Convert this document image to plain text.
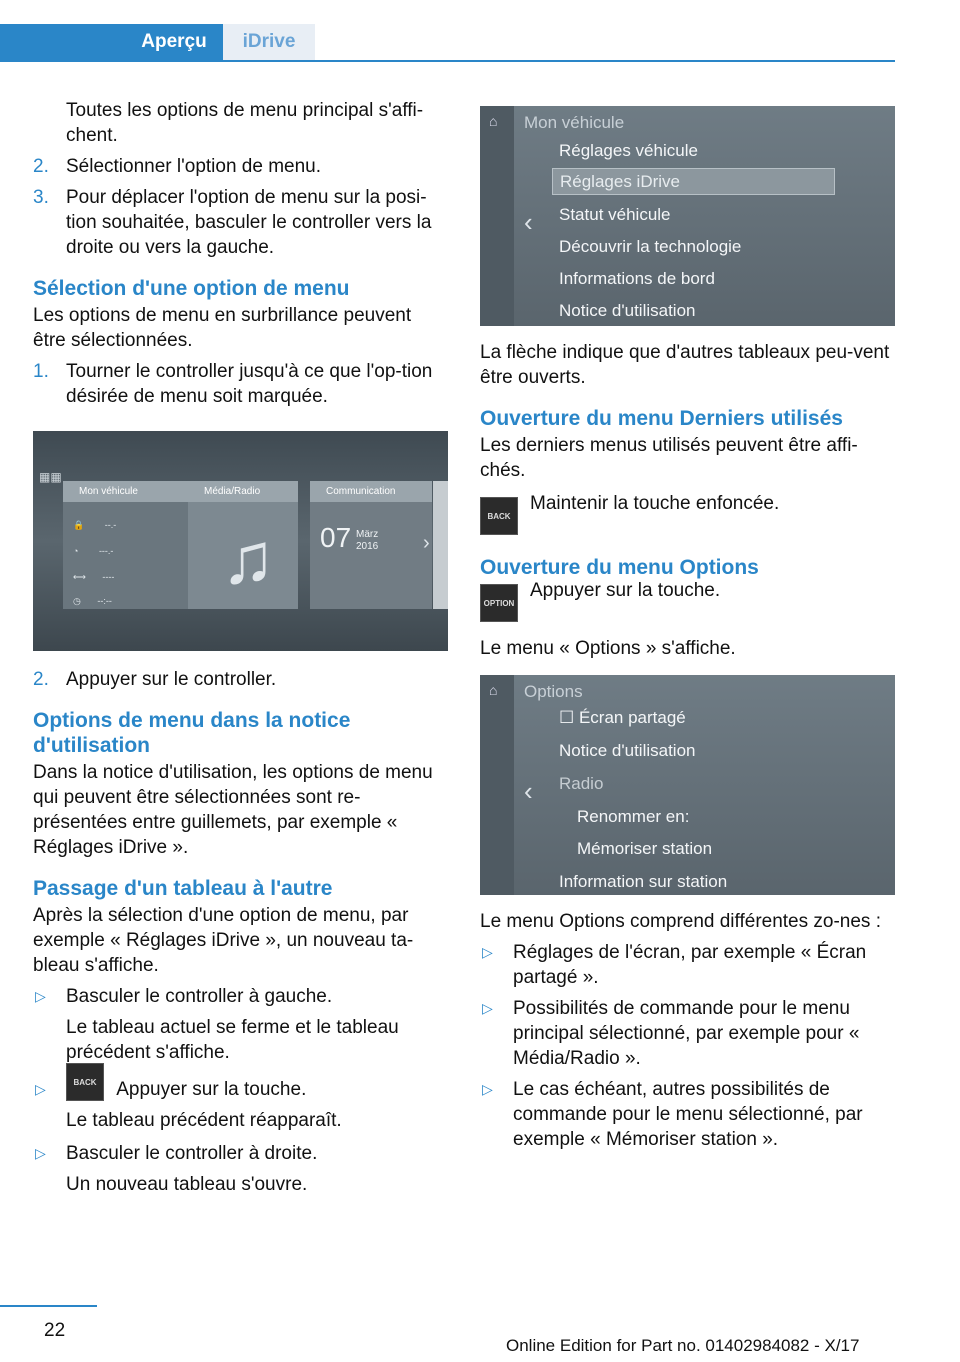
Aperçu	iDrive

Toutes les options de menu principal s'affi-chent.

2. Sélectionner l'option de menu.
3. Pour déplacer l'option de menu sur la posi-tion souhaitée, basculer le controller vers la droite ou vers la gauche.
Sélection d'une option de menu

Les options de menu en surbrillance peuvent être sélectionnées.

1. Tourner le controller jusqu'à ce que l'op-tion désirée de menu soit marquée.
▦▦
Mon véhicule
🔒 --.-
◔ ---.-
⟷ ----
◷ --:--
Média/Radio
♫
Communication
07 März
2016 ›
2. Appuyer sur le controller.
Options de menu dans la notice d'utilisation

Dans la notice d'utilisation, les options de menu qui peuvent être sélectionnées sont re-présentées entre guillemets, par exemple « Réglages iDrive ».

Passage d'un tableau à l'autre

Après la sélection d'une option de menu, par exemple « Réglages iDrive », un nouveau ta-bleau s'affiche.

▷	Basculer le controller à gauche.

Le tableau actuel se ferme et le tableau précédent s'affiche.

▷	BACK Appuyer sur la touche.

Le tableau précédent réapparaît.

▷	Basculer le controller à droite.

Un nouveau tableau s'ouvre.

⌂	Mon véhicule
‹
Réglages véhicule
Réglages iDrive
Statut véhicule
Découvrir la technologie
Informations de bord
Notice d'utilisation

La flèche indique que d'autres tableaux peu-vent être ouverts.

Ouverture du menu Derniers utilisés

Les derniers menus utilisés peuvent être affi-chés.

BACK
Maintenir la touche enfoncée.
Ouverture du menu Options
OPTION
Appuyer sur la touche.

Le menu « Options » s'affiche.

⌂	Options
‹
☐ Écran partagé
Notice d'utilisation
Radio
Renommer en:
Mémoriser station
Information sur station

Le menu Options comprend différentes zo-nes :

▷	Réglages de l'écran, par exemple « Écran partagé ».
▷	Possibilités de commande pour le menu principal sélectionné, par exemple pour « Média/Radio ».
▷	Le cas échéant, autres possibilités de commande pour le menu sélectionné, par exemple « Mémoriser station ».
22
Online Edition for Part no. 01402984082 - X/17
